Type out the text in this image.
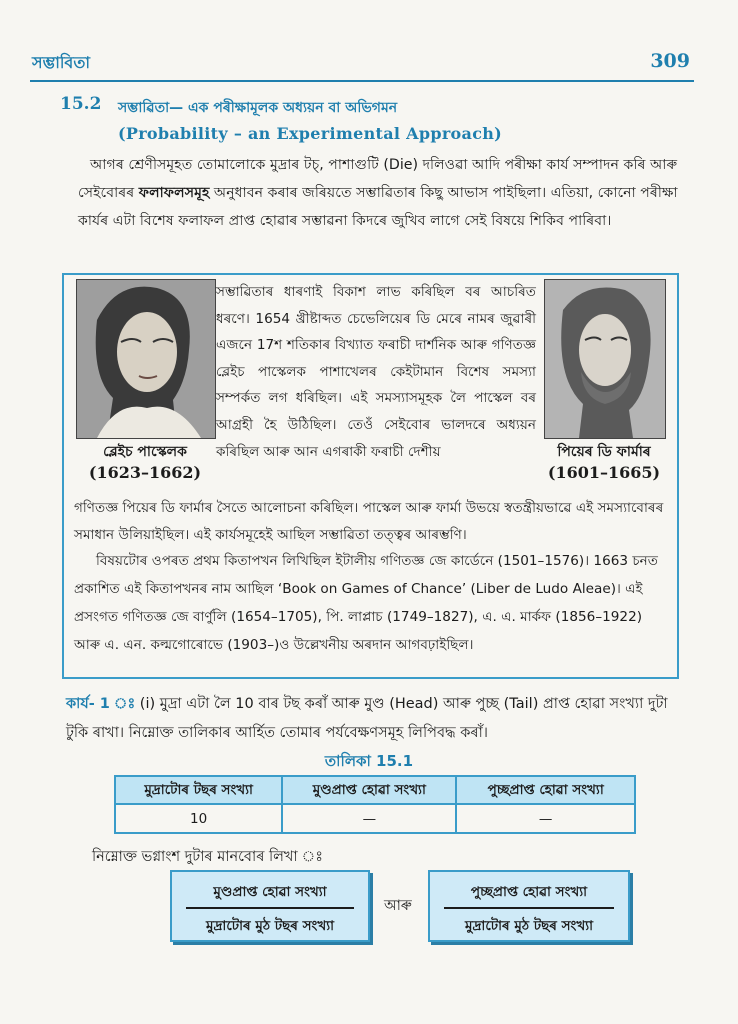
সম্ভাবিতা	309
15.2 সম্ভাৱিতা— এক পৰীক্ষামূলক অধ্যয়ন বা অভিগমন
(Probability – an Experimental Approach)
আগৰ শ্ৰেণীসমূহত তোমালোকে মুদ্ৰাৰ টচ্, পাশাগুটি (Die) দলিওৱা আদি পৰীক্ষা কাৰ্য সম্পাদন কৰি আৰু সেইবোৰৰ ফলাফলসমূহ অনুধাবন কৰাৰ জৰিয়তে সম্ভাৱিতাৰ কিছু আভাস পাইছিলা। এতিয়া, কোনো পৰীক্ষা কাৰ্যৰ এটা বিশেষ ফলাফল প্ৰাপ্ত হোৱাৰ সম্ভাৱনা কিদৰে জুখিব লাগে সেই বিষয়ে শিকিব পাৰিবা।
ব্লেইচ পাস্কেলক
(1623–1662)
পিয়েৰ ডি ফাৰ্মাৰ
(1601–1665)
সম্ভাৱিতাৰ ধাৰণাই বিকাশ লাভ কৰিছিল বৰ আচৰিত ধৰণে। 1654 খ্ৰীষ্টাব্দত চেভেলিয়েৰ ডি মেৰে নামৰ জুৱাৰী এজনে 17শ শতিকাৰ বিখ্যাত ফৰাচী দাৰ্শনিক আৰু গণিতজ্ঞ ব্লেইচ পাস্কেলক পাশাখেলৰ কেইটামান বিশেষ সমস্যা সম্পৰ্কত লগ ধৰিছিল। এই সমস্যাসমূহক লৈ পাস্কেল বৰ আগ্ৰহী হৈ উঠিছিল। তেওঁ সেইবোৰ ভালদৰে অধ্যয়ন কৰিছিল আৰু আন এগৰাকী ফৰাচী দেশীয়
গণিতজ্ঞ পিয়েৰ ডি ফাৰ্মাৰ সৈতে আলোচনা কৰিছিল। পাস্কেল আৰু ফাৰ্মা উভয়ে স্বতন্ত্ৰীয়ভাৱে এই সমস্যাবোৰৰ সমাধান উলিয়াইছিল। এই কাৰ্যসমূহেই আছিল সম্ভাৱিতা তত্ত্বৰ আৰম্ভণি।
বিষয়টোৰ ওপৰত প্ৰথম কিতাপখন লিখিছিল ইটালীয় গণিতজ্ঞ জে কাৰ্ডেনে (1501–1576)। 1663 চনত প্ৰকাশিত এই কিতাপখনৰ নাম আছিল ‘Book on Games of Chance’ (Liber de Ludo Aleae)। এই প্ৰসংগত গণিতজ্ঞ জে বাৰ্ণুলি (1654–1705), পি. লাপ্লাচ (1749–1827), এ. এ. মাৰ্কফ (1856–1922) আৰু এ. এন. কল্মগোৰোভে (1903–)ও উল্লেখনীয় অৰদান আগবঢ়াইছিল।
কাৰ্য- 1 ঃ (i) মুদ্ৰা এটা লৈ 10 বাৰ টছ কৰাঁ আৰু মুণ্ড (Head) আৰু পুচ্ছ (Tail) প্ৰাপ্ত হোৱা সংখ্যা দুটা টুকি ৰাখা। নিম্নোক্ত তালিকাৰ আৰ্হিত তোমাৰ পৰ্যবেক্ষণসমূহ লিপিবদ্ধ কৰাঁ।
তালিকা 15.1
মুদ্ৰাটোৰ টছৰ সংখ্যা	মুণ্ডপ্ৰাপ্ত হোৱা সংখ্যা	পুচ্ছপ্ৰাপ্ত হোৱা সংখ্যা
10	—	—
নিম্নোক্ত ভগ্নাংশ দুটাৰ মানবোৰ লিখা ঃ
মুণ্ডপ্ৰাপ্ত হোৱা সংখ্যা
মুদ্ৰাটোৰ মুঠ টছৰ সংখ্যা
আৰু
পুচ্ছপ্ৰাপ্ত হোৱা সংখ্যা
মুদ্ৰাটোৰ মুঠ টছৰ সংখ্যা
